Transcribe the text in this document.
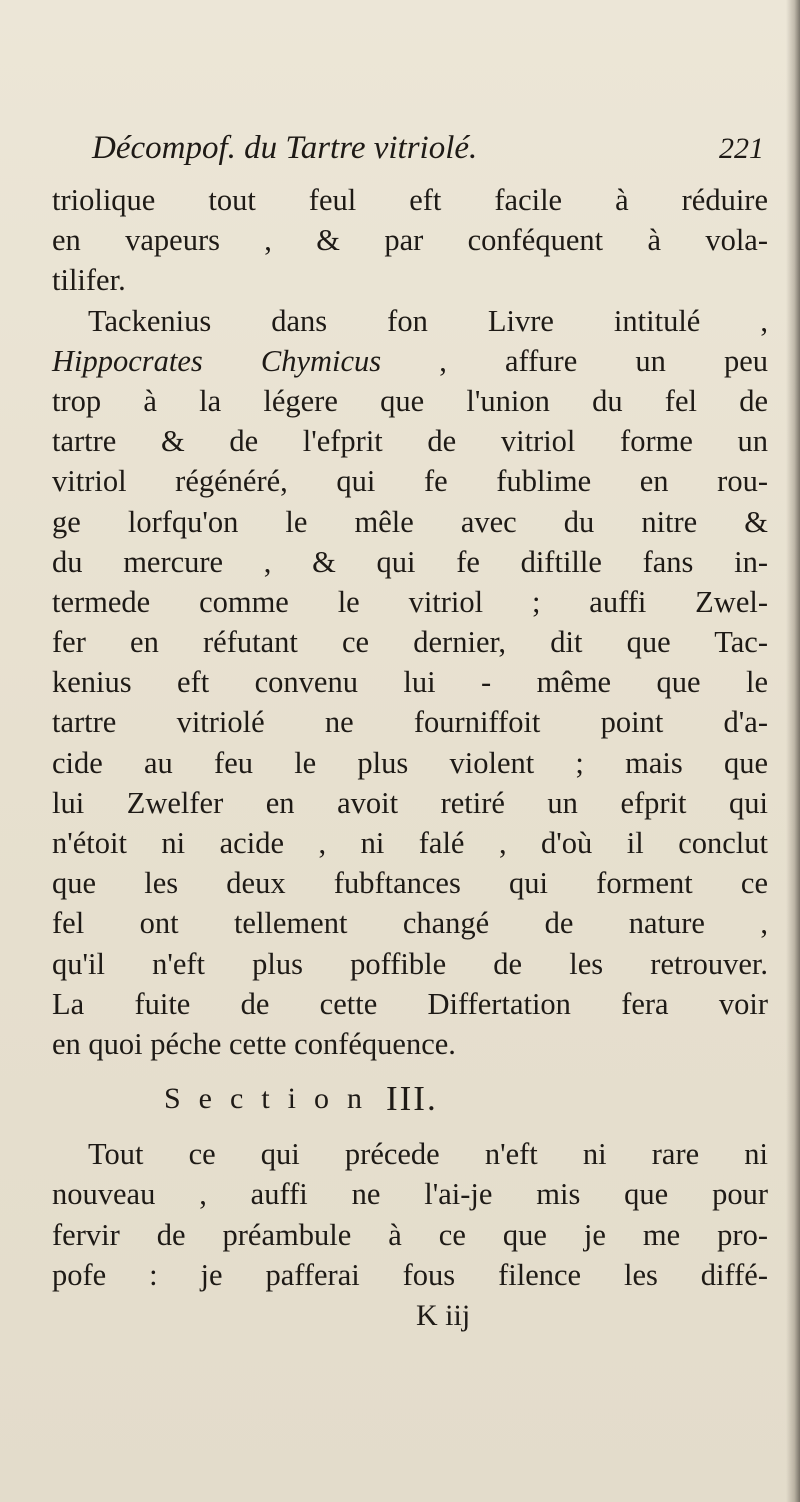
Décompof. du Tartre vitriolé.	221
triolique tout feul eft facile à réduire
en vapeurs , & par conféquent à vola-
tilifer.
Tackenius dans fon Livre intitulé ,
Hippocrates Chymicus , affure un peu
trop à la légere que l'union du fel de
tartre & de l'efprit de vitriol forme un
vitriol régénéré, qui fe fublime en rou-
ge lorfqu'on le mêle avec du nitre &
du mercure , & qui fe diftille fans in-
termede comme le vitriol ; auffi Zwel-
fer en réfutant ce dernier, dit que Tac-
kenius eft convenu lui - même que le
tartre vitriolé ne fourniffoit point d'a-
cide au feu le plus violent ; mais que
lui Zwelfer en avoit retiré un efprit qui
n'étoit ni acide , ni falé , d'où il conclut
que les deux fubftances qui forment ce
fel ont tellement changé de nature ,
qu'il n'eft plus poffible de les retrouver.
La fuite de cette Differtation fera voir
en quoi péche cette conféquence.
Section III.
Tout ce qui précede n'eft ni rare ni
nouveau , auffi ne l'ai-je mis que pour
fervir de préambule à ce que je me pro-
pofe : je pafferai fous filence les diffé-
K iij
